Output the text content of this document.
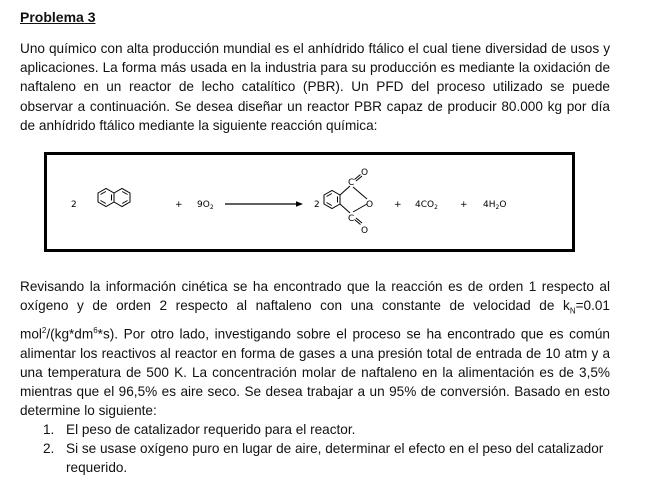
Problema 3

Uno químico con alta producción mundial es el anhídrido ftálico el cual tiene diversidad de usos y aplicaciones. La forma más usada en la industria para su producción es mediante la oxidación de naftaleno en un reactor de lecho catalítico (PBR). Un PFD del proceso utilizado se puede observar a continuación. Se desea diseñar un reactor PBR capaz de producir 80.000 kg por día de anhídrido ftálico mediante la siguiente reacción química:

2	+ $9O_2$	2
C
C
O
O
O
+ $4CO_2 + 4H_2O$

Revisando la información cinética se ha encontrado que la reacción es de orden 1 respecto al oxígeno y de orden 2 respecto al naftaleno con una constante de velocidad de $k_N=0.01$ $mol^2/(kg*dm^6*s)$. Por otro lado, investigando sobre el proceso se ha encontrado que es común alimentar los reactivos al reactor en forma de gases a una presión total de entrada de 10 atm y a una temperatura de 500 K. La concentración molar de naftaleno en la alimentación es de 3,5% mientras que el 96,5% es aire seco. Se desea trabajar a un 95% de conversión. Basado en esto determine lo siguiente:

1. El peso de catalizador requerido para el reactor.
2. Si se usase oxígeno puro en lugar de aire, determinar el efecto en el peso del catalizador requerido.
